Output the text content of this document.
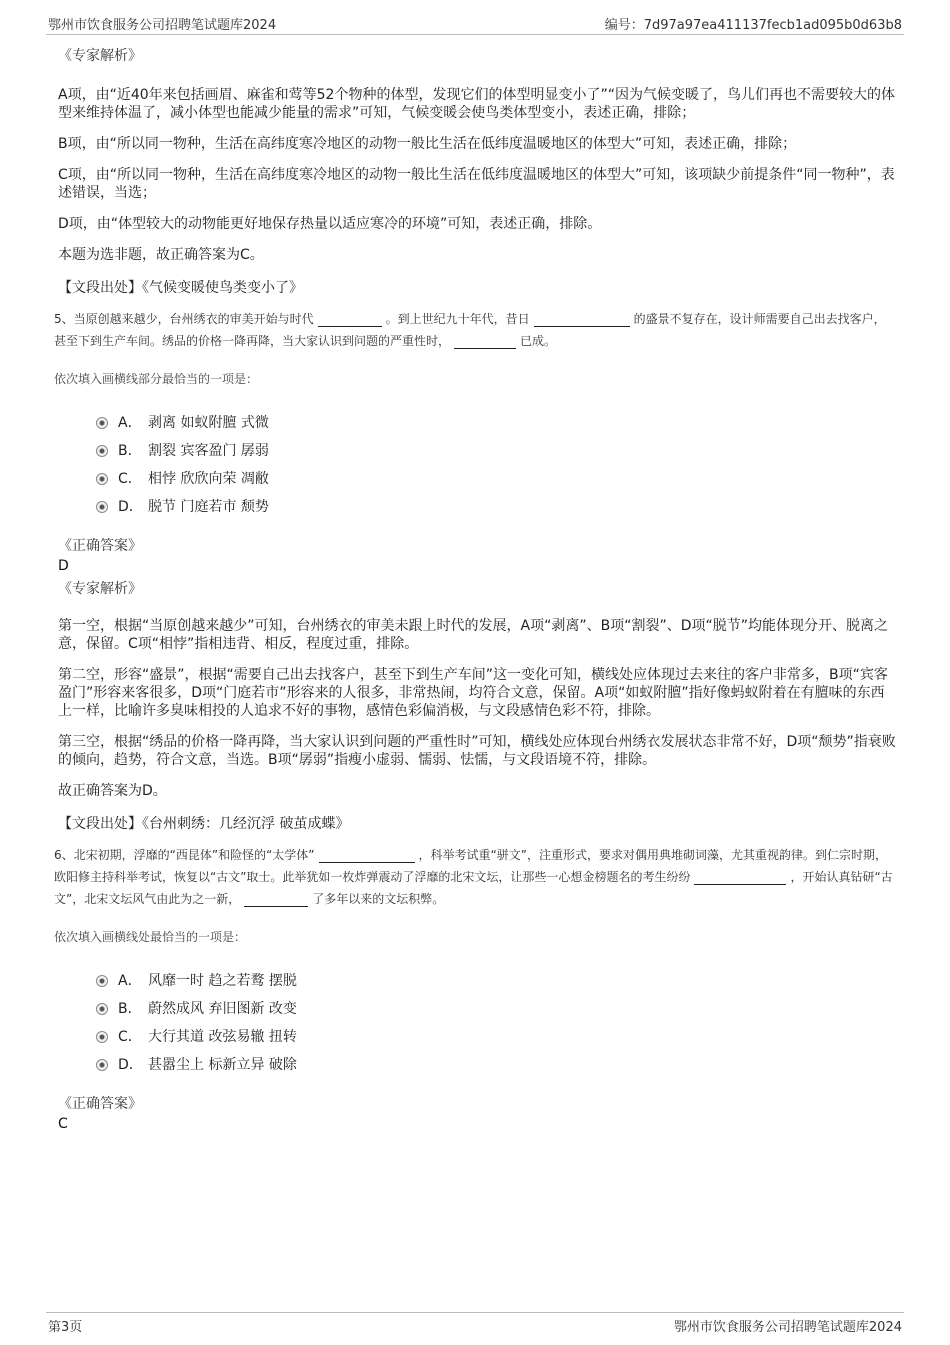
鄂州市饮食服务公司招聘笔试题库2024	编号：7d97a97ea411137fecb1ad095b0d63b8
《专家解析》
A项，由“近40年来包括画眉、麻雀和莺等52个物种的体型，发现它们的体型明显变小了”“因为气候变暖了，鸟儿们再也不需要较大的体型来维持体温了，减小体型也能减少能量的需求”可知，气候变暖会使鸟类体型变小，表述正确，排除；
B项，由“所以同一物种，生活在高纬度寒冷地区的动物一般比生活在低纬度温暖地区的体型大”可知，表述正确，排除；
C项，由“所以同一物种，生活在高纬度寒冷地区的动物一般比生活在低纬度温暖地区的体型大”可知，该项缺少前提条件“同一物种”，表述错误，当选；
D项，由“体型较大的动物能更好地保存热量以适应寒冷的环境”可知，表述正确，排除。
本题为选非题，故正确答案为C。
【文段出处】《气候变暖使鸟类变小了》
5、当原创越来越少，台州绣衣的审美开始与时代	。到上世纪九十年代，昔日	的盛景不复存在，设计师需要自己出去找客户，甚至下到生产车间。绣品的价格一降再降，当大家认识到问题的严重性时，	已成。
依次填入画横线部分最恰当的一项是：
A． 剥离 如蚁附膻 式微
B． 割裂 宾客盈门 孱弱
C． 相悖 欣欣向荣 凋敝
D． 脱节 门庭若市 颓势
《正确答案》
D
《专家解析》
第一空，根据“当原创越来越少”可知，台州绣衣的审美未跟上时代的发展，A项“剥离”、B项“割裂”、D项“脱节”均能体现分开、脱离之意，保留。C项“相悖”指相违背、相反，程度过重，排除。
第二空，形容“盛景”，根据“需要自己出去找客户，甚至下到生产车间”这一变化可知，横线处应体现过去来往的客户非常多，B项“宾客盈门”形容来客很多，D项“门庭若市”形容来的人很多，非常热闹，均符合文意，保留。A项“如蚁附膻”指好像蚂蚁附着在有膻味的东西上一样，比喻许多臭味相投的人追求不好的事物，感情色彩偏消极，与文段感情色彩不符，排除。
第三空，根据“绣品的价格一降再降，当大家认识到问题的严重性时”可知，横线处应体现台州绣衣发展状态非常不好，D项“颓势”指衰败的倾向，趋势，符合文意，当选。B项“孱弱”指瘦小虚弱、懦弱、怯懦，与文段语境不符，排除。
故正确答案为D。
【文段出处】《台州刺绣：几经沉浮 破茧成蝶》
6、北宋初期，浮靡的“西昆体”和险怪的“太学体”	，科举考试重“骈文”，注重形式，要求对偶用典堆砌词藻，尤其重视韵律。到仁宗时期，欧阳修主持科举考试，恢复以“古文”取士。此举犹如一枚炸弹震动了浮靡的北宋文坛，让那些一心想金榜题名的考生纷纷	，开始认真钻研“古文”，北宋文坛风气由此为之一新，	了多年以来的文坛积弊。
依次填入画横线处最恰当的一项是：
A． 风靡一时 趋之若鹜 摆脱
B． 蔚然成风 弃旧图新 改变
C． 大行其道 改弦易辙 扭转
D． 甚嚣尘上 标新立异 破除
《正确答案》
C
第3页	鄂州市饮食服务公司招聘笔试题库2024
